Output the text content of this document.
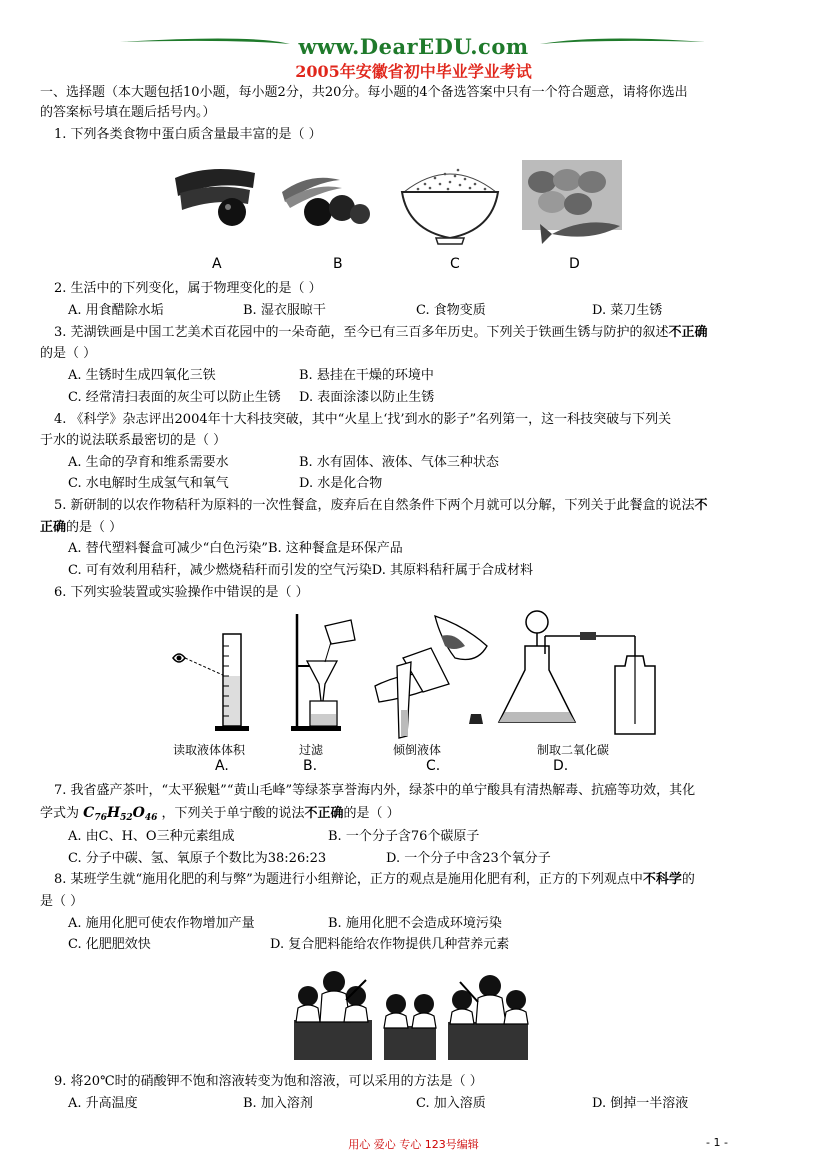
www.DearEDU.com
2005年安徽省初中毕业学业考试
一、选择题（本大题包括10小题，每小题2分，共20分。每小题的4个备选答案中只有一个符合题意，请将你选出
的答案标号填在题后括号内。）
1. 下列各类食物中蛋白质含量最丰富的是（ ）
A	B	C	D
2. 生活中的下列变化，属于物理变化的是（ ）
A. 用食醋除水垢	B. 湿衣服晾干	C. 食物变质	D. 菜刀生锈
3. 芜湖铁画是中国工艺美术百花园中的一朵奇葩，至今已有三百多年历史。下列关于铁画生锈与防护的叙述不正确
的是（ ）
A. 生锈时生成四氧化三铁	B. 悬挂在干燥的环境中
C. 经常清扫表面的灰尘可以防止生锈 D. 表面涂漆以防止生锈
4. 《科学》杂志评出2004年十大科技突破，其中“火星上‘找’到水的影子”名列第一，这一科技突破与下列关
于水的说法联系最密切的是（ ）
A. 生命的孕育和维系需要水	B. 水有固体、液体、气体三种状态
C. 水电解时生成氢气和氧气	D. 水是化合物
5. 新研制的以农作物秸秆为原料的一次性餐盒，废弃后在自然条件下两个月就可以分解，下列关于此餐盒的说法不
正确的是（ ）
A. 替代塑料餐盒可减少“白色污染”B. 这种餐盒是环保产品
C. 可有效利用秸秆，减少燃烧秸秆而引发的空气污染D. 其原料秸秆属于合成材料
6. 下列实验装置或实验操作中错误的是（ ）
读取液体体积	过滤	倾倒液体	制取二氧化碳
A.	B.	C.	D.
7. 我省盛产茶叶，“太平猴魁”“黄山毛峰”等绿茶享誉海内外，绿茶中的单宁酸具有清热解毒、抗癌等功效，其化
学式为 $C_{76}H_{52}O_{46}$ ，下列关于单宁酸的说法不正确的是（ ）
A. 由C、H、O三种元素组成	B. 一个分子含76个碳原子
C. 分子中碳、氢、氧原子个数比为38:26:23	D. 一个分子中含23个氧分子
8. 某班学生就“施用化肥的利与弊”为题进行小组辩论，正方的观点是施用化肥有利，正方的下列观点中不科学的
是（ ）
A. 施用化肥可使农作物增加产量	B. 施用化肥不会造成环境污染
C. 化肥肥效快	D. 复合肥料能给农作物提供几种营养元素
9. 将20℃时的硝酸钾不饱和溶液转变为饱和溶液，可以采用的方法是（ ）
A. 升高温度	B. 加入溶剂	C. 加入溶质	D. 倒掉一半溶液
用心 爱心 专心 123号编辑	- 1 -
